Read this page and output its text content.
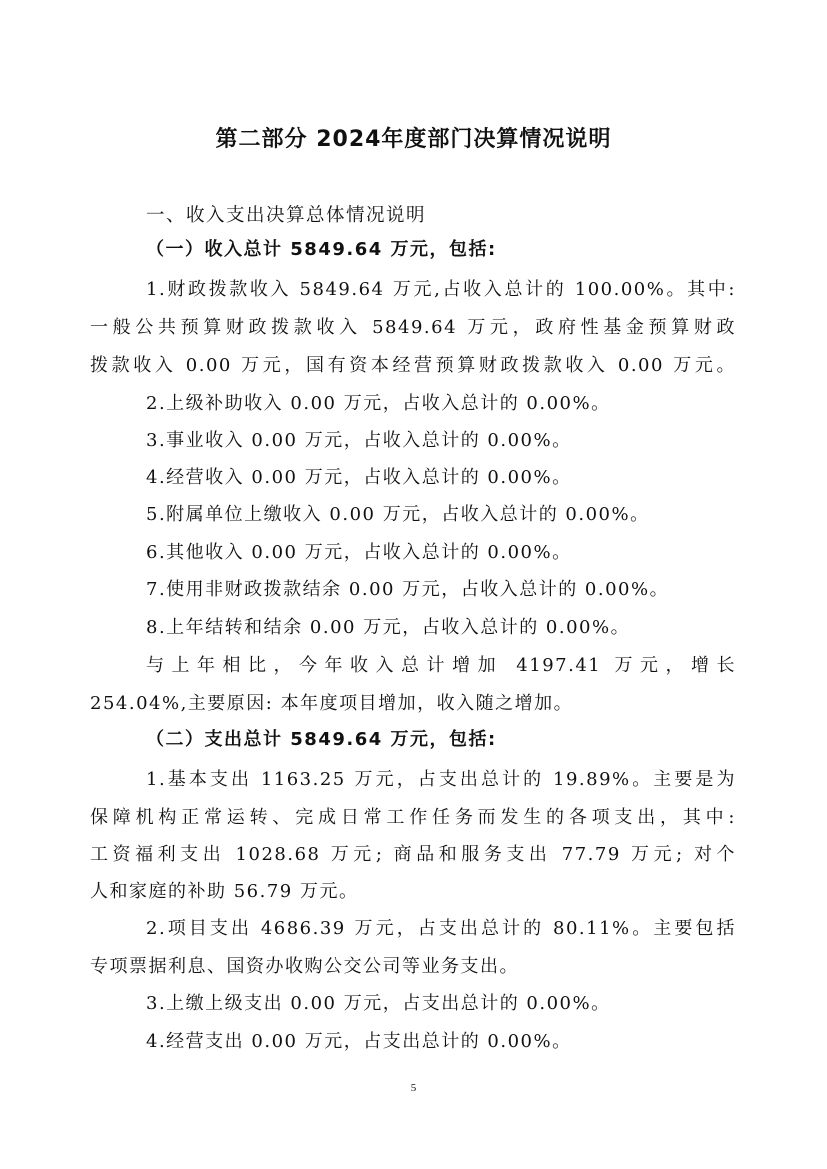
第二部分 2024年度部门决算情况说明
一、收入支出决算总体情况说明
（一）收入总计 5849.64 万元，包括:
1.财政拨款收入 5849.64 万元,占收入总计的 100.00%。其中:
一般公共预算财政拨款收入 5849.64 万元，政府性基金预算财政
拨款收入 0.00 万元，国有资本经营预算财政拨款收入 0.00 万元。
2.上级补助收入 0.00 万元，占收入总计的 0.00%。
3.事业收入 0.00 万元，占收入总计的 0.00%。
4.经营收入 0.00 万元，占收入总计的 0.00%。
5.附属单位上缴收入 0.00 万元，占收入总计的 0.00%。
6.其他收入 0.00 万元，占收入总计的 0.00%。
7.使用非财政拨款结余 0.00 万元，占收入总计的 0.00%。
8.上年结转和结余 0.00 万元，占收入总计的 0.00%。
与上年相比，今年收入总计增加 4197.41 万元，增长
254.04%,主要原因: 本年度项目增加，收入随之增加。
（二）支出总计 5849.64 万元，包括:
1.基本支出 1163.25 万元，占支出总计的 19.89%。主要是为
保障机构正常运转、完成日常工作任务而发生的各项支出，其中:
工资福利支出 1028.68 万元; 商品和服务支出 77.79 万元; 对个
人和家庭的补助 56.79 万元。
2.项目支出 4686.39 万元，占支出总计的 80.11%。主要包括
专项票据利息、国资办收购公交公司等业务支出。
3.上缴上级支出 0.00 万元，占支出总计的 0.00%。
4.经营支出 0.00 万元，占支出总计的 0.00%。
5
